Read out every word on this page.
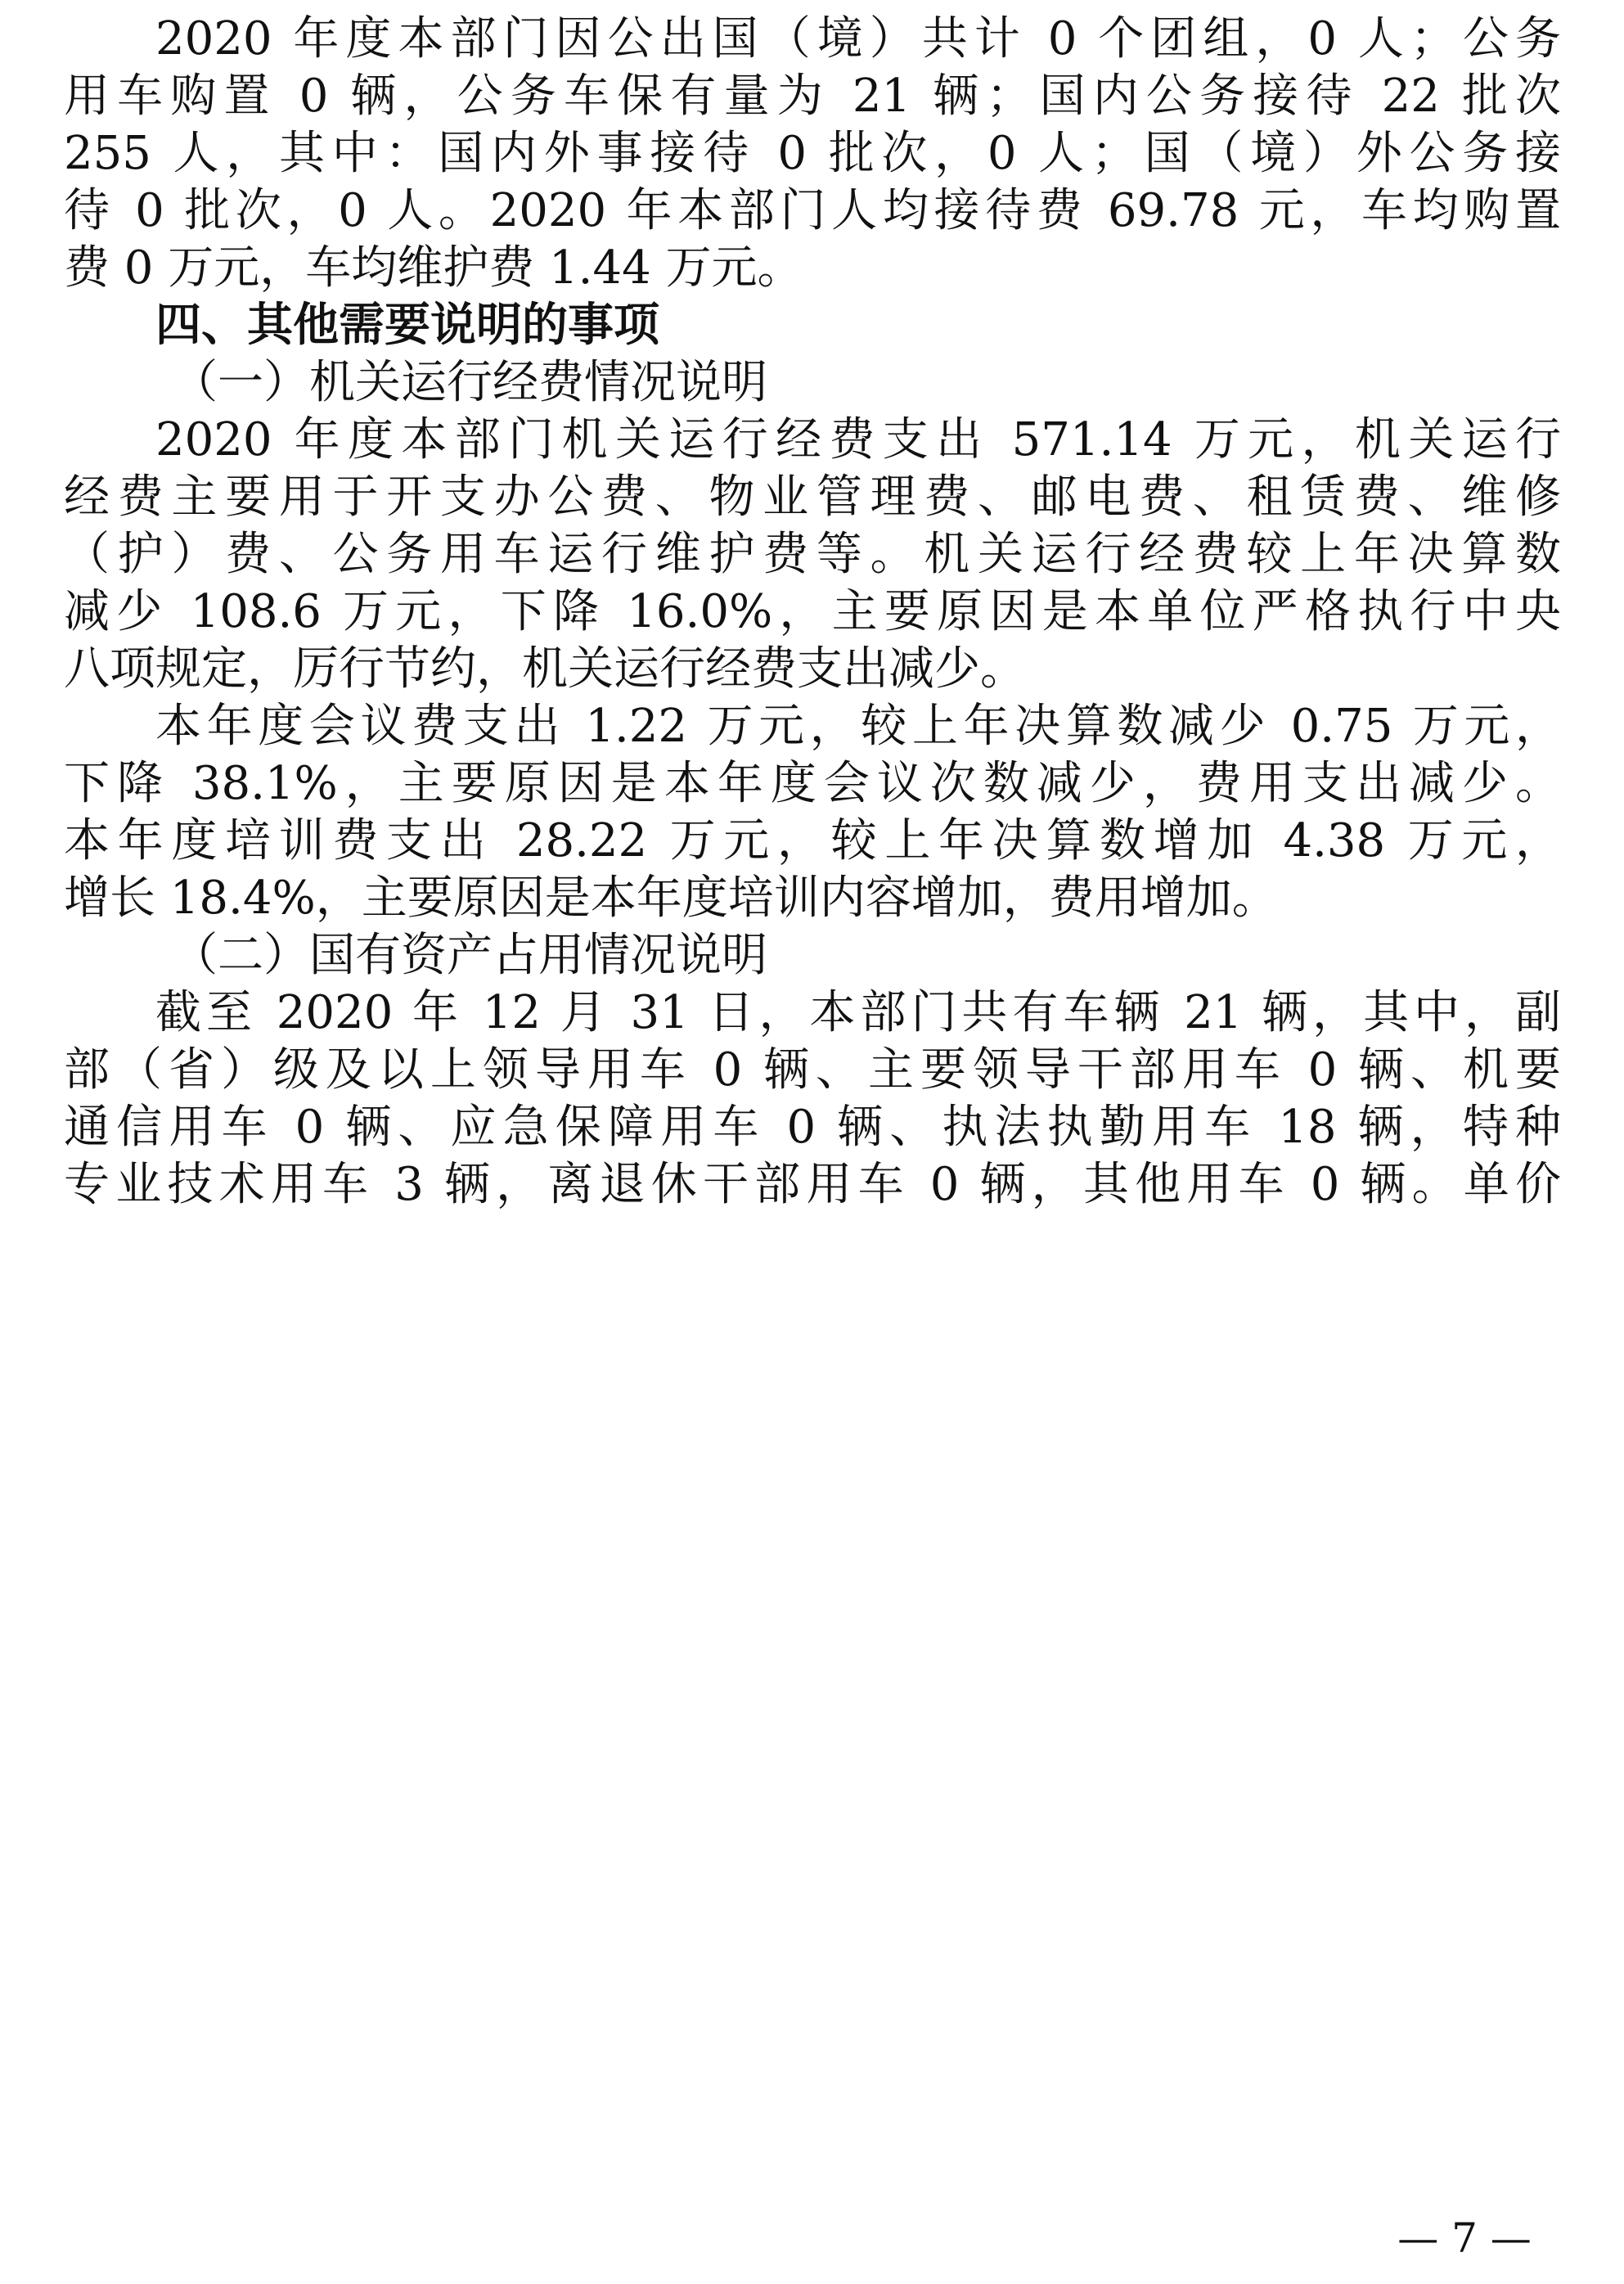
2020 年度本部门因公出国（境）共计 0 个团组，0 人；公务
用车购置 0 辆，公务车保有量为 21 辆；国内公务接待 22 批次
255 人，其中：国内外事接待 0 批次，0 人；国（境）外公务接
待 0 批次，0 人。2020 年本部门人均接待费 69.78 元，车均购置
费 0 万元，车均维护费 1.44 万元。
四、其他需要说明的事项
（一）机关运行经费情况说明
2020 年度本部门机关运行经费支出 571.14 万元，机关运行
经费主要用于开支办公费、物业管理费、邮电费、租赁费、维修
（护）费、公务用车运行维护费等。机关运行经费较上年决算数
减少 108.6 万元，下降 16.0%，主要原因是本单位严格执行中央
八项规定，厉行节约，机关运行经费支出减少。
本年度会议费支出 1.22 万元，较上年决算数减少 0.75 万元，
下降 38.1%，主要原因是本年度会议次数减少，费用支出减少。
本年度培训费支出 28.22 万元，较上年决算数增加 4.38 万元，
增长 18.4%，主要原因是本年度培训内容增加，费用增加。
（二）国有资产占用情况说明
截至 2020 年 12 月 31 日，本部门共有车辆 21 辆，其中，副
部（省）级及以上领导用车 0 辆、主要领导干部用车 0 辆、机要
通信用车 0 辆、应急保障用车 0 辆、执法执勤用车 18 辆，特种
专业技术用车 3 辆，离退休干部用车 0 辆，其他用车 0 辆。单价
— 7 —
